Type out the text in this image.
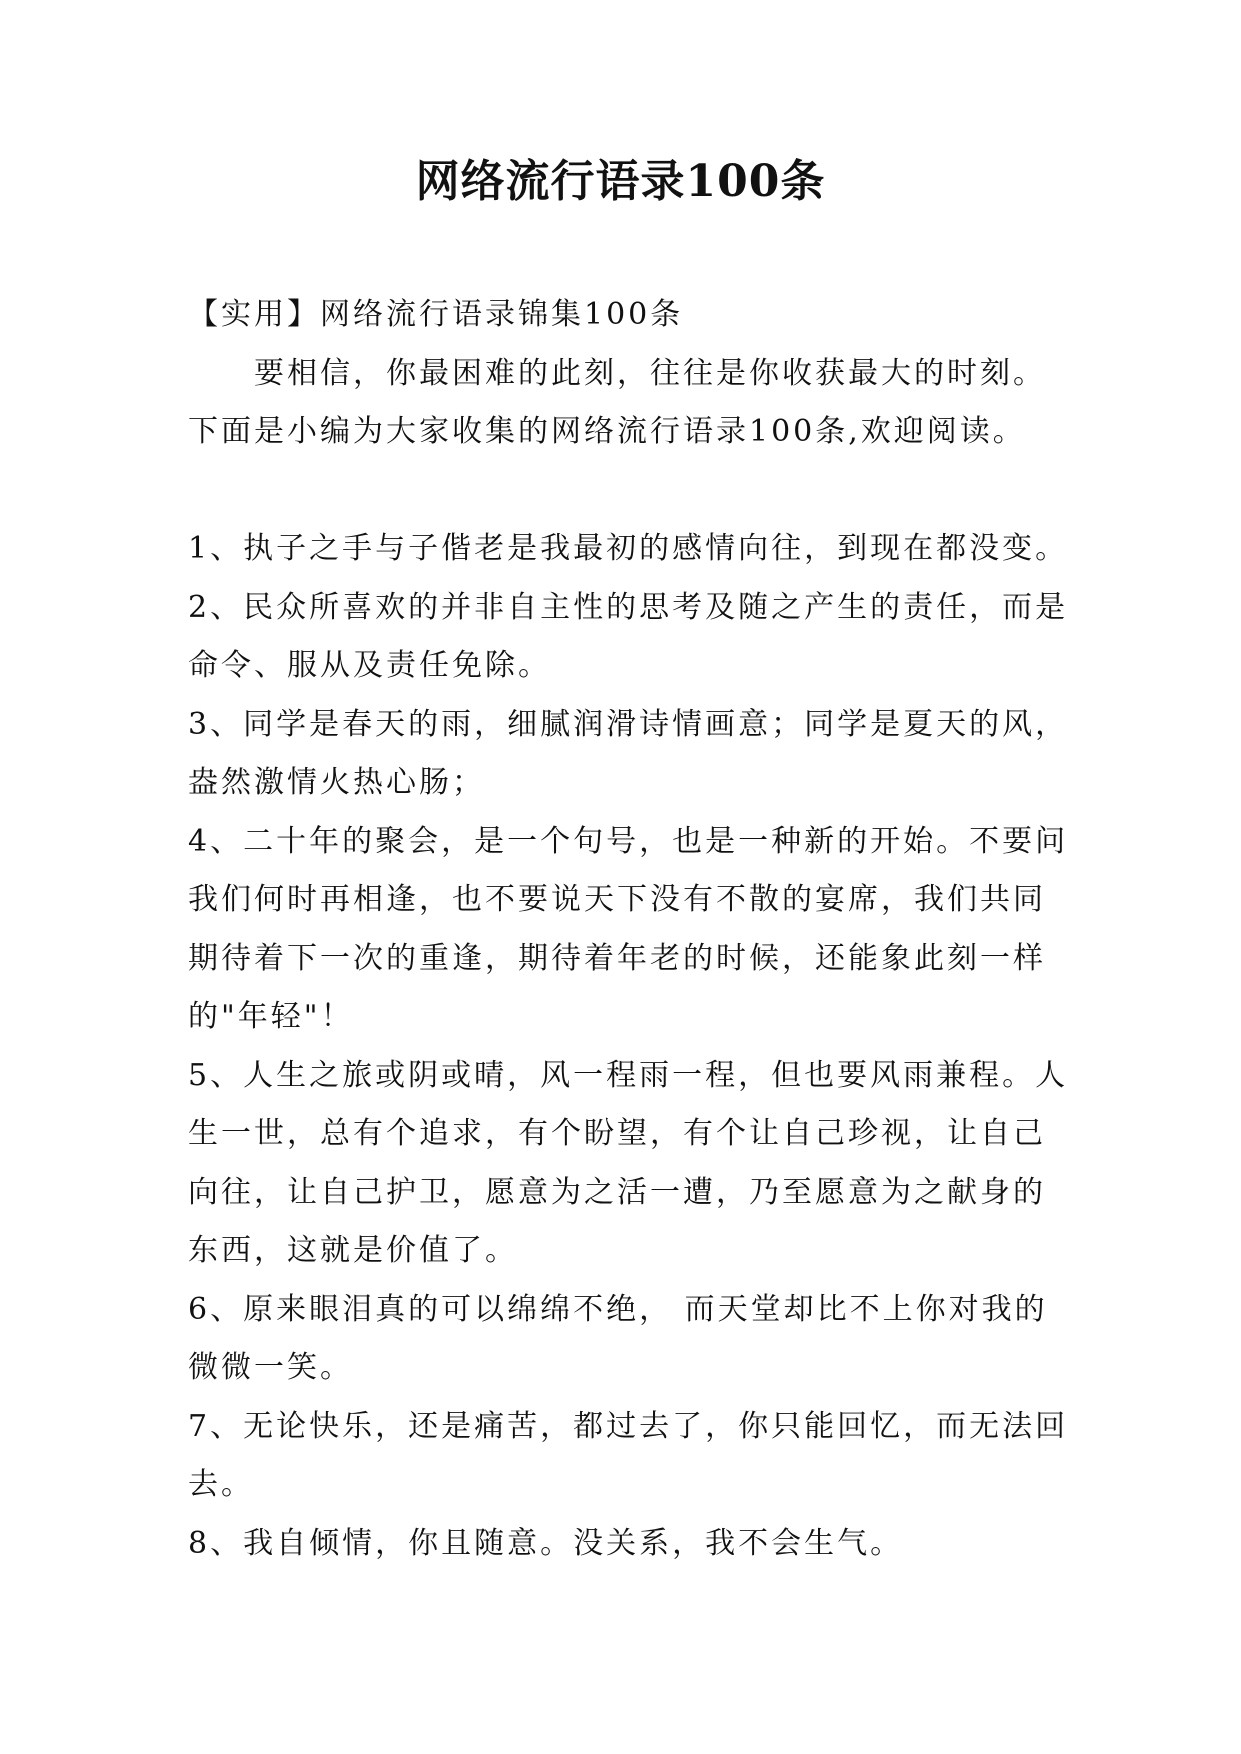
网络流行语录100条

【实用】网络流行语录锦集100条

要相信，你最困难的此刻，往往是你收获最大的时刻。下面是小编为大家收集的网络流行语录100条,欢迎阅读。

1、执子之手与子偕老是我最初的感情向往，到现在都没变。

2、民众所喜欢的并非自主性的思考及随之产生的责任，而是命令、服从及责任免除。

3、同学是春天的雨，细腻润滑诗情画意；同学是夏天的风，盎然激情火热心肠；

4、二十年的聚会，是一个句号，也是一种新的开始。不要问我们何时再相逢，也不要说天下没有不散的宴席，我们共同期待着下一次的重逢，期待着年老的时候，还能象此刻一样的"年轻"！

5、人生之旅或阴或晴，风一程雨一程，但也要风雨兼程。人生一世，总有个追求，有个盼望，有个让自己珍视，让自己向往，让自己护卫，愿意为之活一遭，乃至愿意为之献身的东西，这就是价值了。

6、原来眼泪真的可以绵绵不绝， 而天堂却比不上你对我的微微一笑。

7、无论快乐，还是痛苦，都过去了，你只能回忆，而无法回去。

8、我自倾情，你且随意。没关系，我不会生气。
